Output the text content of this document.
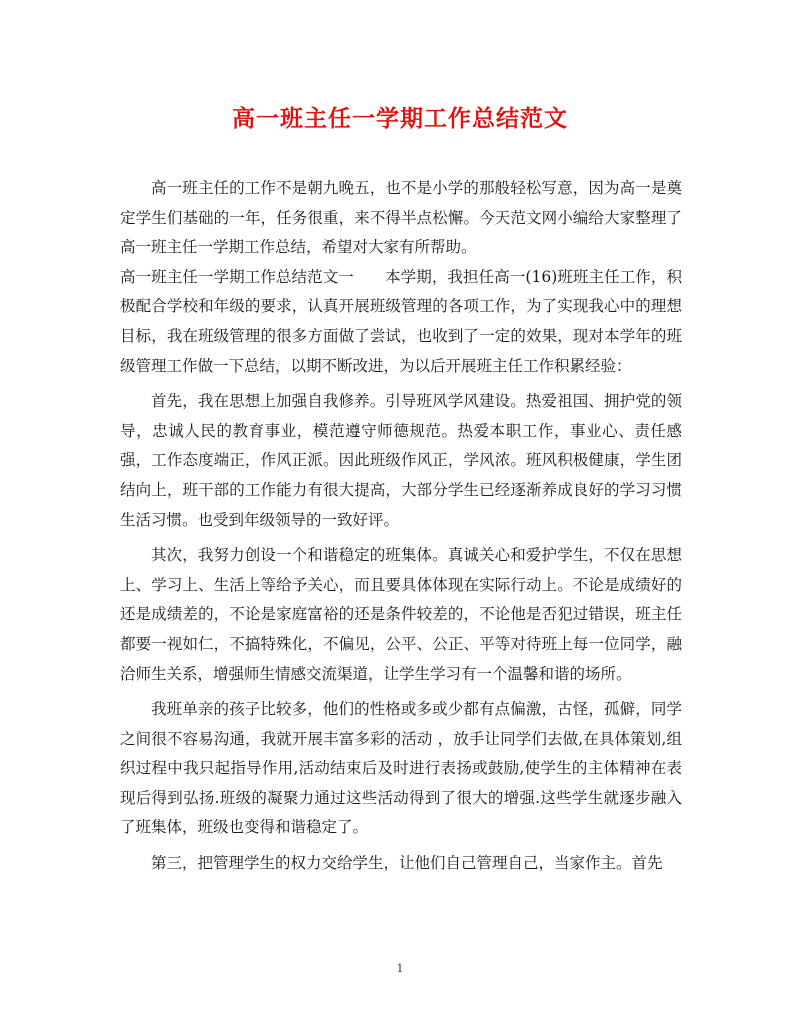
高一班主任一学期工作总结范文

高一班主任的工作不是朝九晚五，也不是小学的那般轻松写意，因为高一是奠定学生们基础的一年，任务很重，来不得半点松懈。今天范文网小编给大家整理了高一班主任一学期工作总结，希望对大家有所帮助。

高一班主任一学期工作总结范文一　　本学期，我担任高一(16)班班主任工作，积极配合学校和年级的要求，认真开展班级管理的各项工作，为了实现我心中的理想目标，我在班级管理的很多方面做了尝试，也收到了一定的效果，现对本学年的班级管理工作做一下总结，以期不断改进，为以后开展班主任工作积累经验：

首先，我在思想上加强自我修养。引导班风学风建设。热爱祖国、拥护党的领导，忠诚人民的教育事业，模范遵守师德规范。热爱本职工作，事业心、责任感强，工作态度端正，作风正派。因此班级作风正，学风浓。班风积极健康，学生团结向上，班干部的工作能力有很大提高，大部分学生已经逐渐养成良好的学习习惯生活习惯。也受到年级领导的一致好评。

其次，我努力创设一个和谐稳定的班集体。真诚关心和爱护学生，不仅在思想上、学习上、生活上等给予关心，而且要具体体现在实际行动上。不论是成绩好的还是成绩差的，不论是家庭富裕的还是条件较差的，不论他是否犯过错误，班主任都要一视如仁，不搞特殊化，不偏见，公平、公正、平等对待班上每一位同学，融洽师生关系，增强师生情感交流渠道，让学生学习有一个温馨和谐的场所。

我班单亲的孩子比较多，他们的性格或多或少都有点偏激，古怪，孤僻，同学之间很不容易沟通，我就开展丰富多彩的活动 ，放手让同学们去做,在具体策划,组织过程中我只起指导作用,活动结束后及时进行表扬或鼓励,使学生的主体精神在表现后得到弘扬.班级的凝聚力通过这些活动得到了很大的增强.这些学生就逐步融入了班集体，班级也变得和谐稳定了。

第三，把管理学生的权力交给学生，让他们自己管理自己，当家作主。首先

1
